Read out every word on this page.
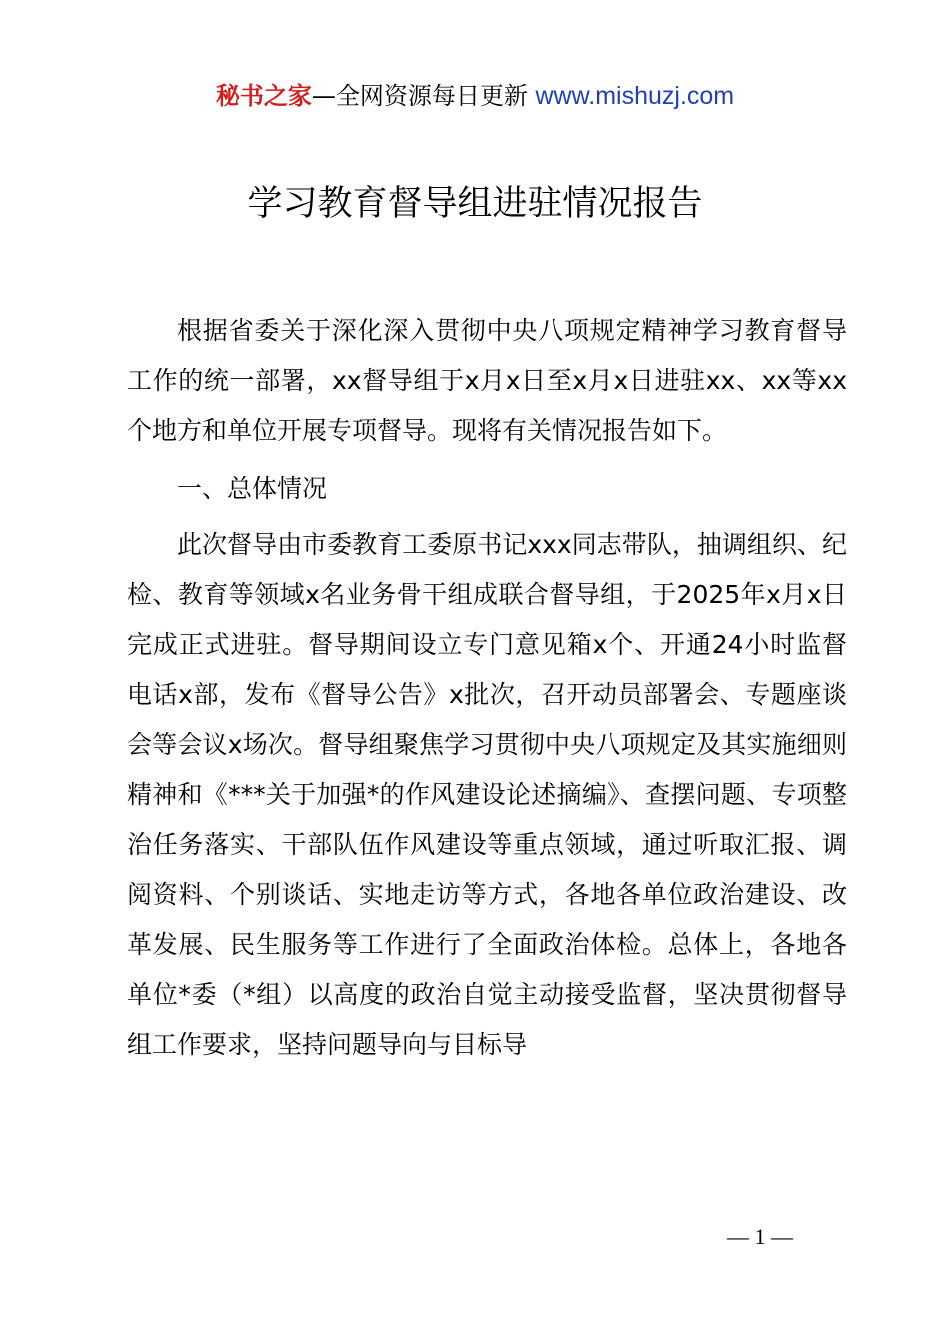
秘书之家—全网资源每日更新 www.mishuzj.com
学习教育督导组进驻情况报告

根据省委关于深化深入贯彻中央八项规定精神学习教育督导工作的统一部署，xx督导组于x月x日至x月x日进驻xx、xx等xx个地方和单位开展专项督导。现将有关情况报告如下。

一、总体情况

此次督导由市委教育工委原书记xxx同志带队，抽调组织、纪检、教育等领域x名业务骨干组成联合督导组，于2025年x月x日完成正式进驻。督导期间设立专门意见箱x个、开通24小时监督电话x部，发布《督导公告》x批次，召开动员部署会、专题座谈会等会议x场次。督导组聚焦学习贯彻中央八项规定及其实施细则精神和《***关于加强*的作风建设论述摘编》、查摆问题、专项整治任务落实、干部队伍作风建设等重点领域，通过听取汇报、调阅资料、个别谈话、实地走访等方式，各地各单位政治建设、改革发展、民生服务等工作进行了全面政治体检。总体上，各地各单位*委（*组）以高度的政治自觉主动接受监督，坚决贯彻督导组工作要求，坚持问题导向与目标导

— 1 —
